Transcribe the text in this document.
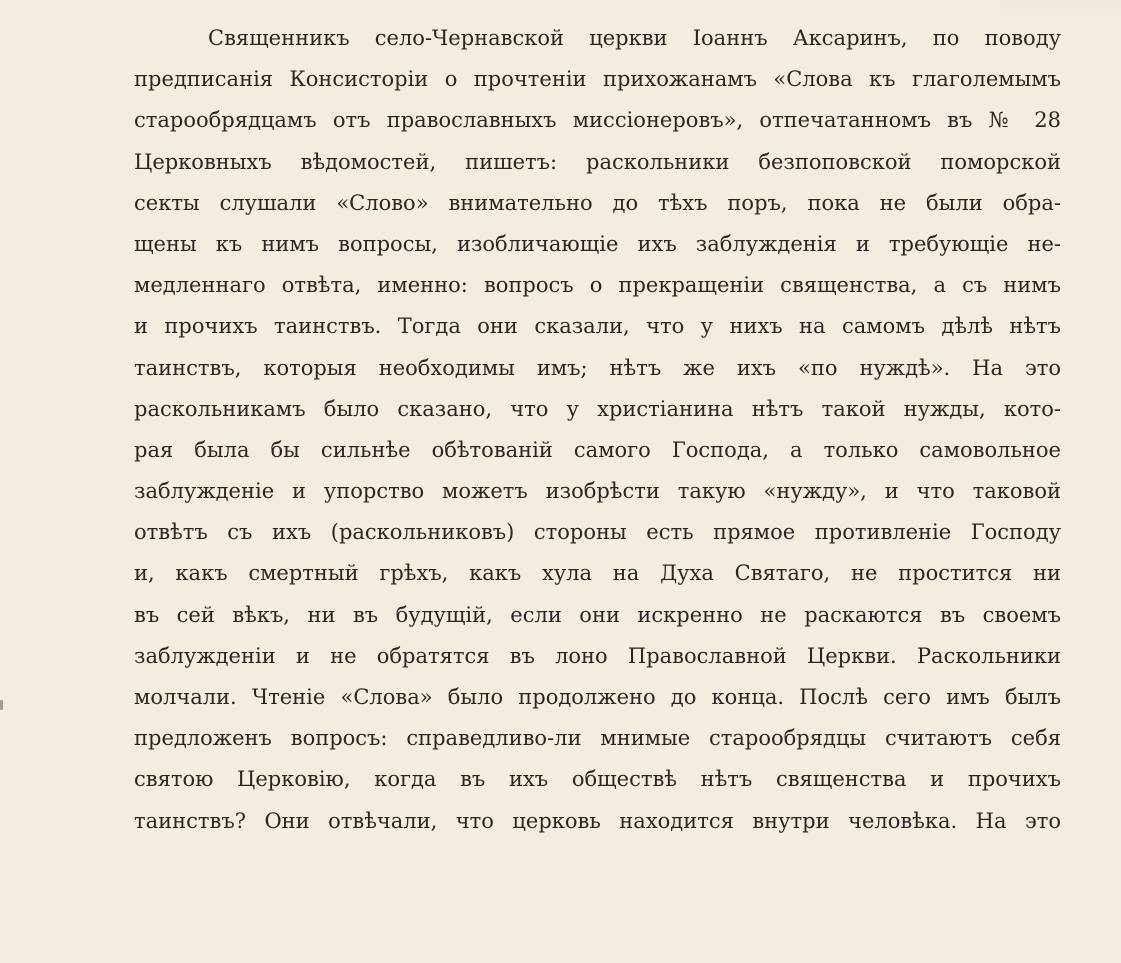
Священникъ село-Чернавской церкви Іоаннъ Аксаринъ, по поводу
предписанія Консисторіи о прочтеніи прихожанамъ «Слова къ глаголемымъ
старообрядцамъ отъ православныхъ миссіонеровъ», отпечатанномъ въ № 28
Церковныхъ вѣдомостей, пишетъ: раскольники безпоповской поморской
секты слушали «Слово» внимательно до тѣхъ поръ, пока не были обра-
щены къ нимъ вопросы, изобличающіе ихъ заблужденія и требующіе не-
медленнаго отвѣта, именно: вопросъ о прекращеніи священства, а съ нимъ
и прочихъ таинствъ. Тогда они сказали, что у нихъ на самомъ дѣлѣ нѣтъ
таинствъ, которыя необходимы имъ; нѣтъ же ихъ «по нуждѣ». На это
раскольникамъ было сказано, что у христіанина нѣтъ такой нужды, кото-
рая была бы сильнѣе обѣтованій самого Господа, а только самовольное
заблужденіе и упорство можетъ изобрѣсти такую «нужду», и что таковой
отвѣтъ съ ихъ (раскольниковъ) стороны есть прямое противленіе Господу
и, какъ смертный грѣхъ, какъ хула на Духа Святаго, не простится ни
въ сей вѣкъ, ни въ будущій, если они искренно не раскаются въ своемъ
заблужденіи и не обратятся въ лоно Православной Церкви. Раскольники
молчали. Чтеніе «Слова» было продолжено до конца. Послѣ сего имъ былъ
предложенъ вопросъ: справедливо-ли мнимые старообрядцы считаютъ себя
святою Церковію, когда въ ихъ обществѣ нѣтъ священства и прочихъ
таинствъ? Они отвѣчали, что церковь находится внутри человѣка. На это
